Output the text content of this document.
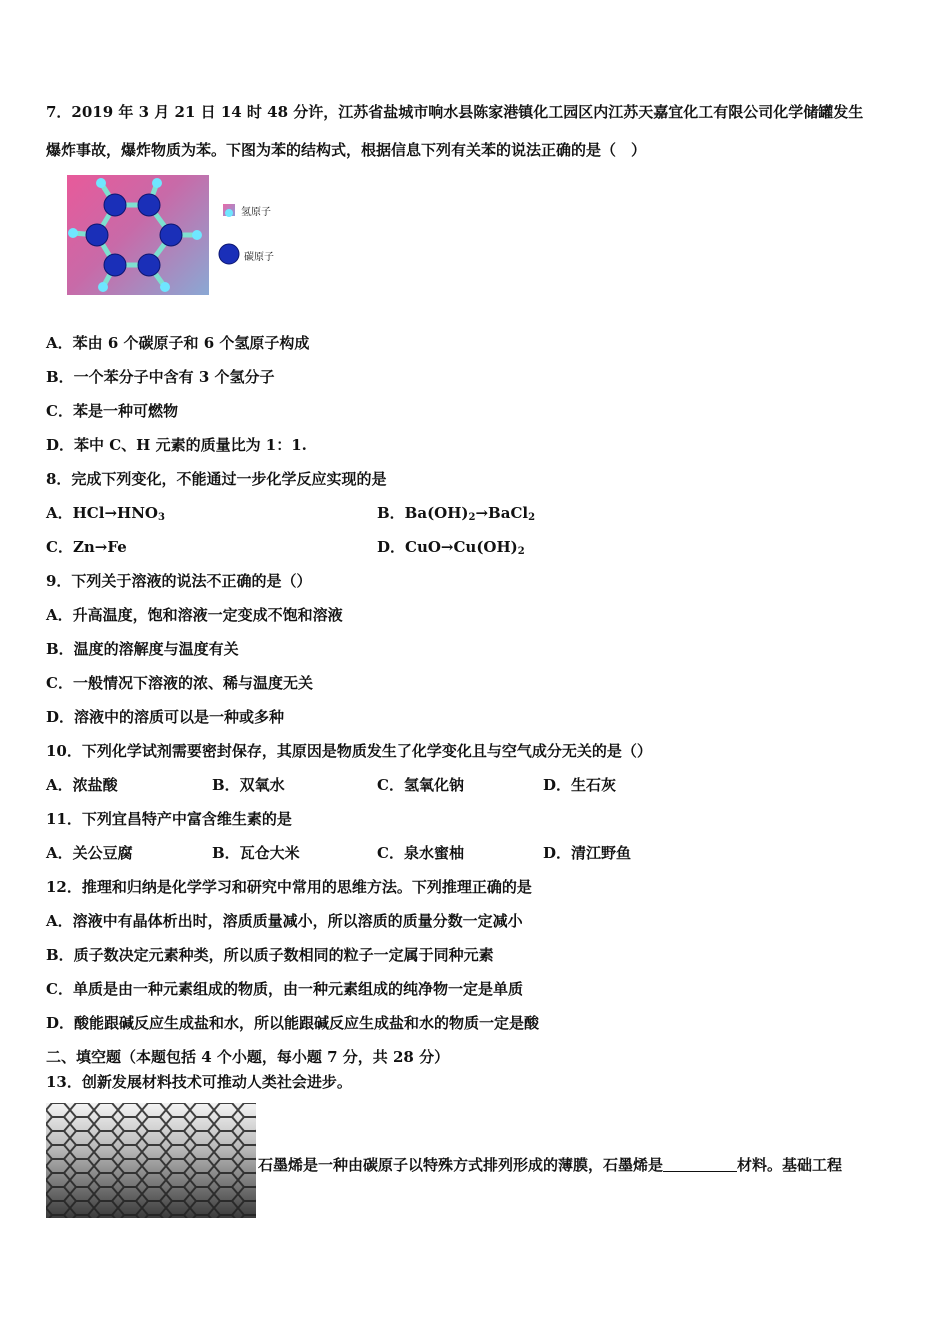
7．2019 年 3 月 21 日 14 时 48 分许，江苏省盐城市响水县陈家港镇化工园区内江苏天嘉宜化工有限公司化学储罐发生
爆炸事故，爆炸物质为苯。下图为苯的结构式，根据信息下列有关苯的说法正确的是（　）
氢原子
碳原子
A．苯由 6 个碳原子和 6 个氢原子构成
B．一个苯分子中含有 3 个氢分子
C．苯是一种可燃物
D．苯中 C、H 元素的质量比为 1：1.
8．完成下列变化，不能通过一步化学反应实现的是
A．$HCl\to HNO_3$	B．$Ba(OH)_2\to BaCl_2$
C．Zn→Fe	D．$CuO\to Cu(OH)_2$
9．下列关于溶液的说法不正确的是（）
A．升高温度，饱和溶液一定变成不饱和溶液
B．温度的溶解度与温度有关
C．一般情况下溶液的浓、稀与温度无关
D．溶液中的溶质可以是一种或多种
10．下列化学试剂需要密封保存，其原因是物质发生了化学变化且与空气成分无关的是（）
A．浓盐酸	B．双氧水	C．氢氧化钠	D．生石灰
11．下列宜昌特产中富含维生素的是
A．关公豆腐	B．瓦仓大米	C．泉水蜜柚	D．清江野鱼
12．推理和归纳是化学学习和研究中常用的思维方法。下列推理正确的是
A．溶液中有晶体析出时，溶质质量减小，所以溶质的质量分数一定减小
B．质子数决定元素种类，所以质子数相同的粒子一定属于同种元素
C．单质是由一种元素组成的物质，由一种元素组成的纯净物一定是单质
D．酸能跟碱反应生成盐和水，所以能跟碱反应生成盐和水的物质一定是酸
二、填空题（本题包括 4 个小题，每小题 7 分，共 28 分）
13．创新发展材料技术可推动人类社会进步。
石墨烯是一种由碳原子以特殊方式排列形成的薄膜，石墨烯是	材料。基础工程
